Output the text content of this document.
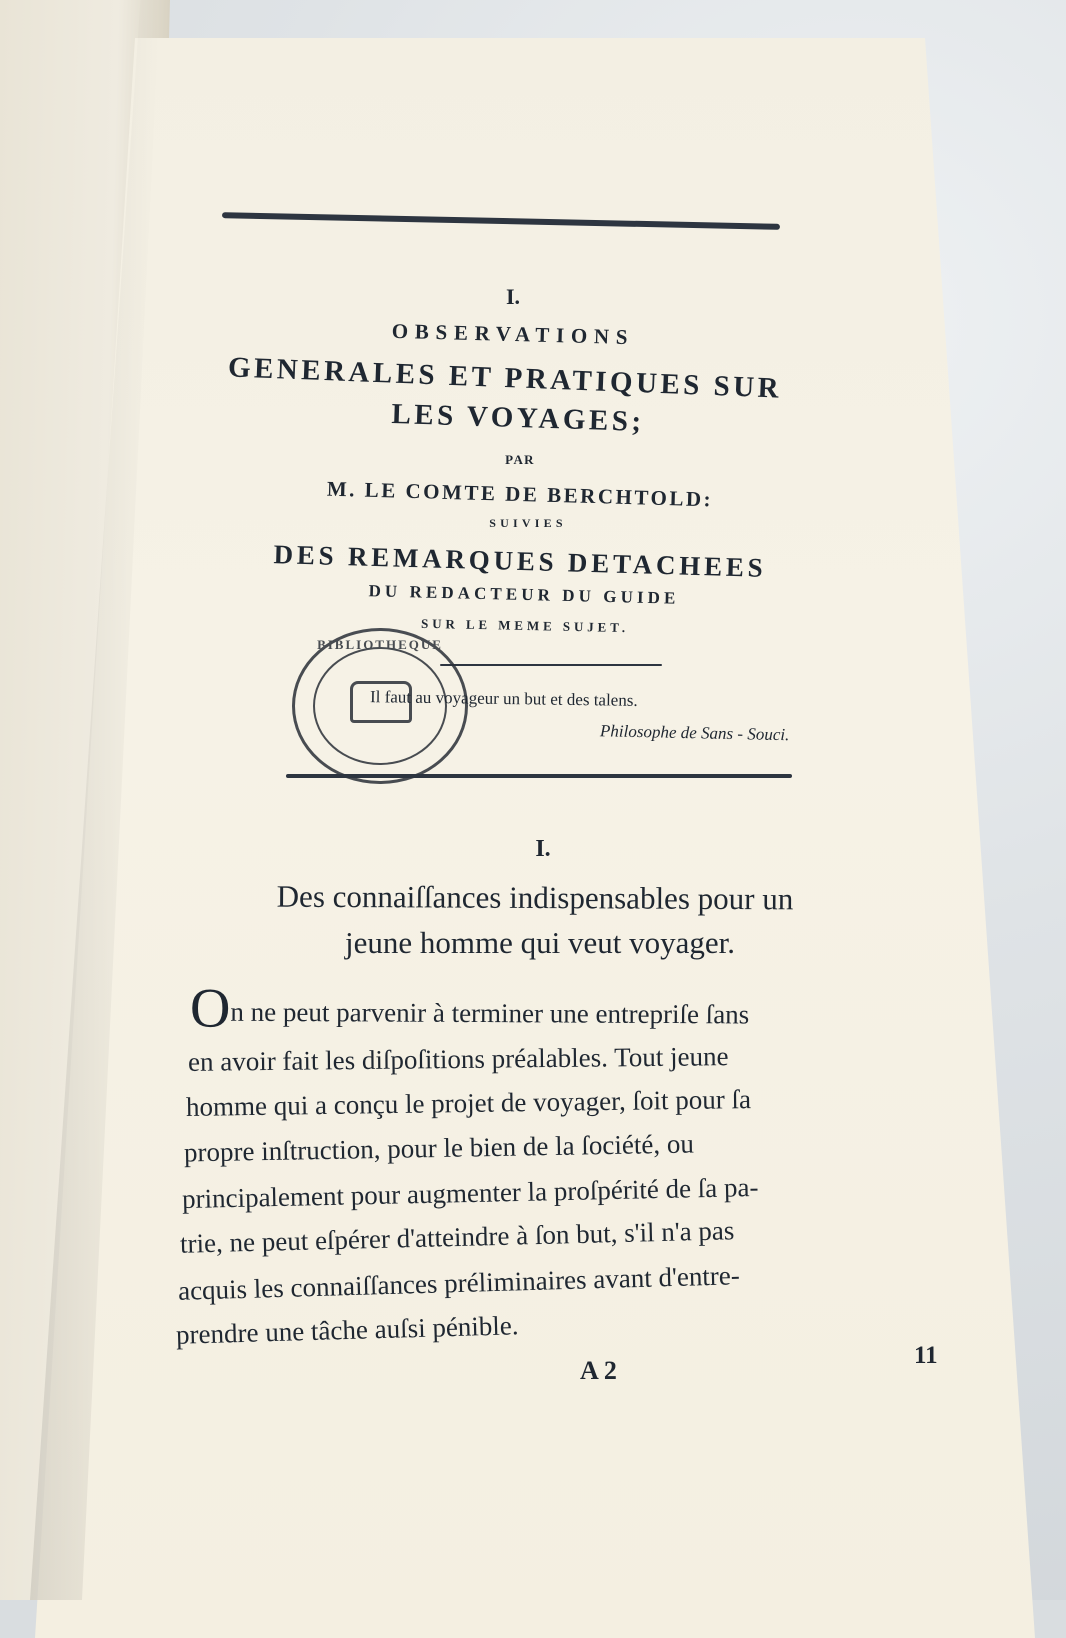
I.
OBSERVATIONS
GENERALES ET PRATIQUES SUR
LES VOYAGES;
PAR
M. LE COMTE DE BERCHTOLD:
SUIVIES
DES REMARQUES DETACHEES
DU REDACTEUR DU GUIDE
SUR LE MEME SUJET.
BIBLIOTHEQUE
Il faut au voyageur un but et des talens.
Philosophe de Sans - Souci.
I.
Des connaiſſances indispensables pour un
jeune homme qui veut voyager.
On ne peut parvenir à terminer une entrepriſe ſans
en avoir fait les diſpoſitions préalables. Tout jeune
homme qui a conçu le projet de voyager, ſoit pour ſa
propre inſtruction, pour le bien de la ſociété, ou
principalement pour augmenter la proſpérité de ſa pa-
trie, ne peut eſpérer d'atteindre à ſon but, s'il n'a pas
acquis les connaiſſances préliminaires avant d'entre-
prendre une tâche auſsi pénible.
A 2
11
